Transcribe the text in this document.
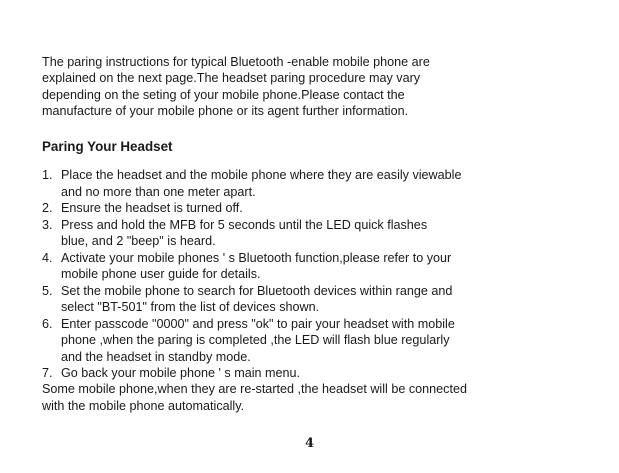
The paring instructions for typical Bluetooth -enable mobile phone are
explained on the next page.The headset paring procedure may vary
depending on the seting of your mobile phone.Please contact the
manufacture of your mobile phone or its agent further information.

Paring Your Headset
1. Place the headset and the mobile phone where they are easily viewable
and no more than one meter apart.
2. Ensure the headset is turned off.
3. Press and hold the MFB for 5 seconds until the LED quick flashes
blue, and 2 "beep" is heard.
4. Activate your mobile phones ' s Bluetooth function,please refer to your
mobile phone user guide for details.
5. Set the mobile phone to search for Bluetooth devices within range and
select "BT-501" from the list of devices shown.
6. Enter passcode "0000" and press "ok" to pair your headset with mobile
phone ,when the paring is completed ,the LED will flash blue regularly
and the headset in standby mode.
7. Go back your mobile phone ' s main menu.

Some mobile phone,when they are re-started ,the headset will be connected
with the mobile phone automatically.

4
